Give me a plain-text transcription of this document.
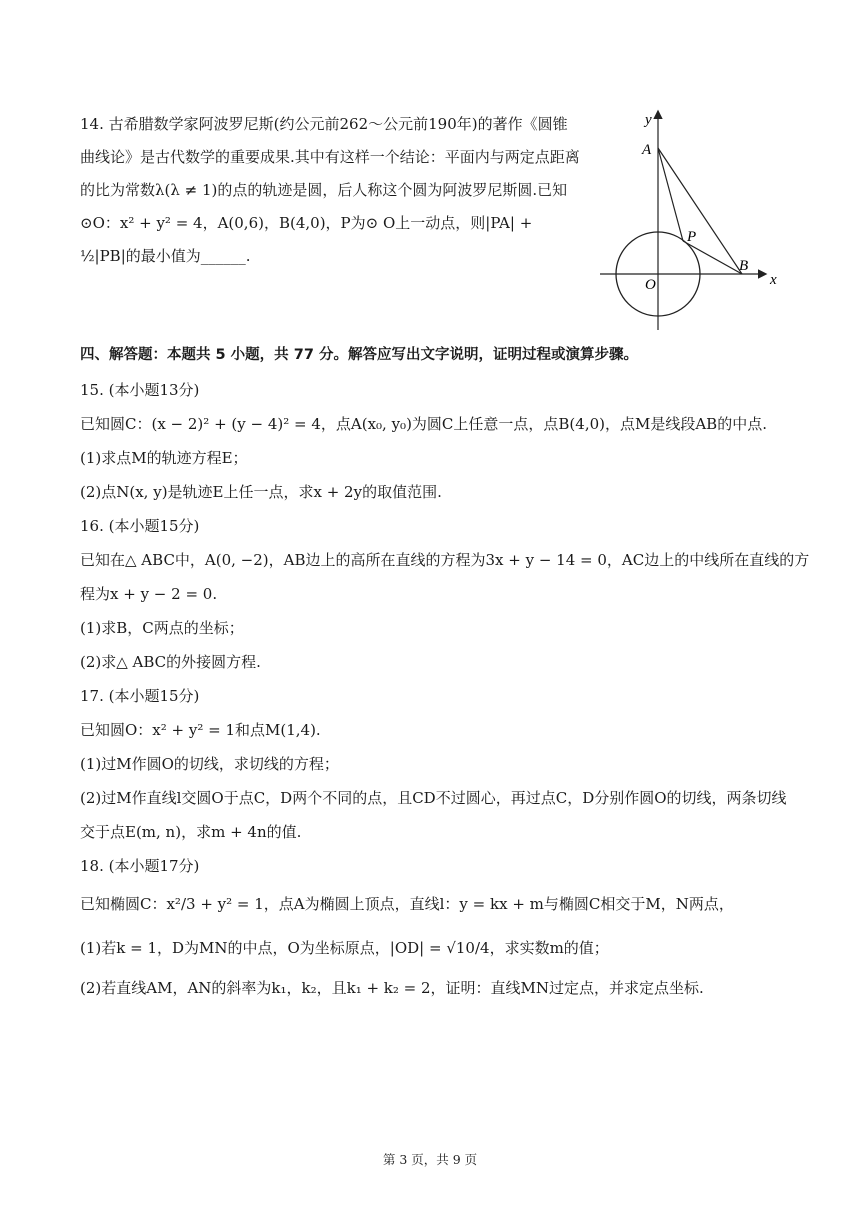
14. 古希腊数学家阿波罗尼斯(约公元前262～公元前190年)的著作《圆锥曲线论》是古代数学的重要成果.其中有这样一个结论：平面内与两定点距离的比为常数λ(λ ≠ 1)的点的轨迹是圆，后人称这个圆为阿波罗尼斯圆.已知⊙O：x² + y² = 4，A(0,6)，B(4,0)，P为⊙ O上一动点，则|PA| + ½|PB|的最小值为______.
y
x
A
B
P
O
四、解答题：本题共 5 小题，共 77 分。解答应写出文字说明，证明过程或演算步骤。
15. (本小题13分)
已知圆C：(x − 2)² + (y − 4)² = 4，点A(x₀, y₀)为圆C上任意一点，点B(4,0)，点M是线段AB的中点.
(1)求点M的轨迹方程E；
(2)点N(x, y)是轨迹E上任一点，求x + 2y的取值范围.
16. (本小题15分)
已知在△ ABC中，A(0, −2)，AB边上的高所在直线的方程为3x + y − 14 = 0，AC边上的中线所在直线的方
程为x + y − 2 = 0.
(1)求B，C两点的坐标；
(2)求△ ABC的外接圆方程.
17. (本小题15分)
已知圆O：x² + y² = 1和点M(1,4).
(1)过M作圆O的切线，求切线的方程；
(2)过M作直线l交圆O于点C，D两个不同的点，且CD不过圆心，再过点C，D分别作圆O的切线，两条切线
交于点E(m, n)，求m + 4n的值.
18. (本小题17分)
已知椭圆C：x²/3 + y² = 1，点A为椭圆上顶点，直线l：y = kx + m与椭圆C相交于M，N两点，
(1)若k = 1，D为MN的中点，O为坐标原点，|OD| = √10/4，求实数m的值；
(2)若直线AM，AN的斜率为k₁，k₂，且k₁ + k₂ = 2，证明：直线MN过定点，并求定点坐标.
第 3 页，共 9 页
